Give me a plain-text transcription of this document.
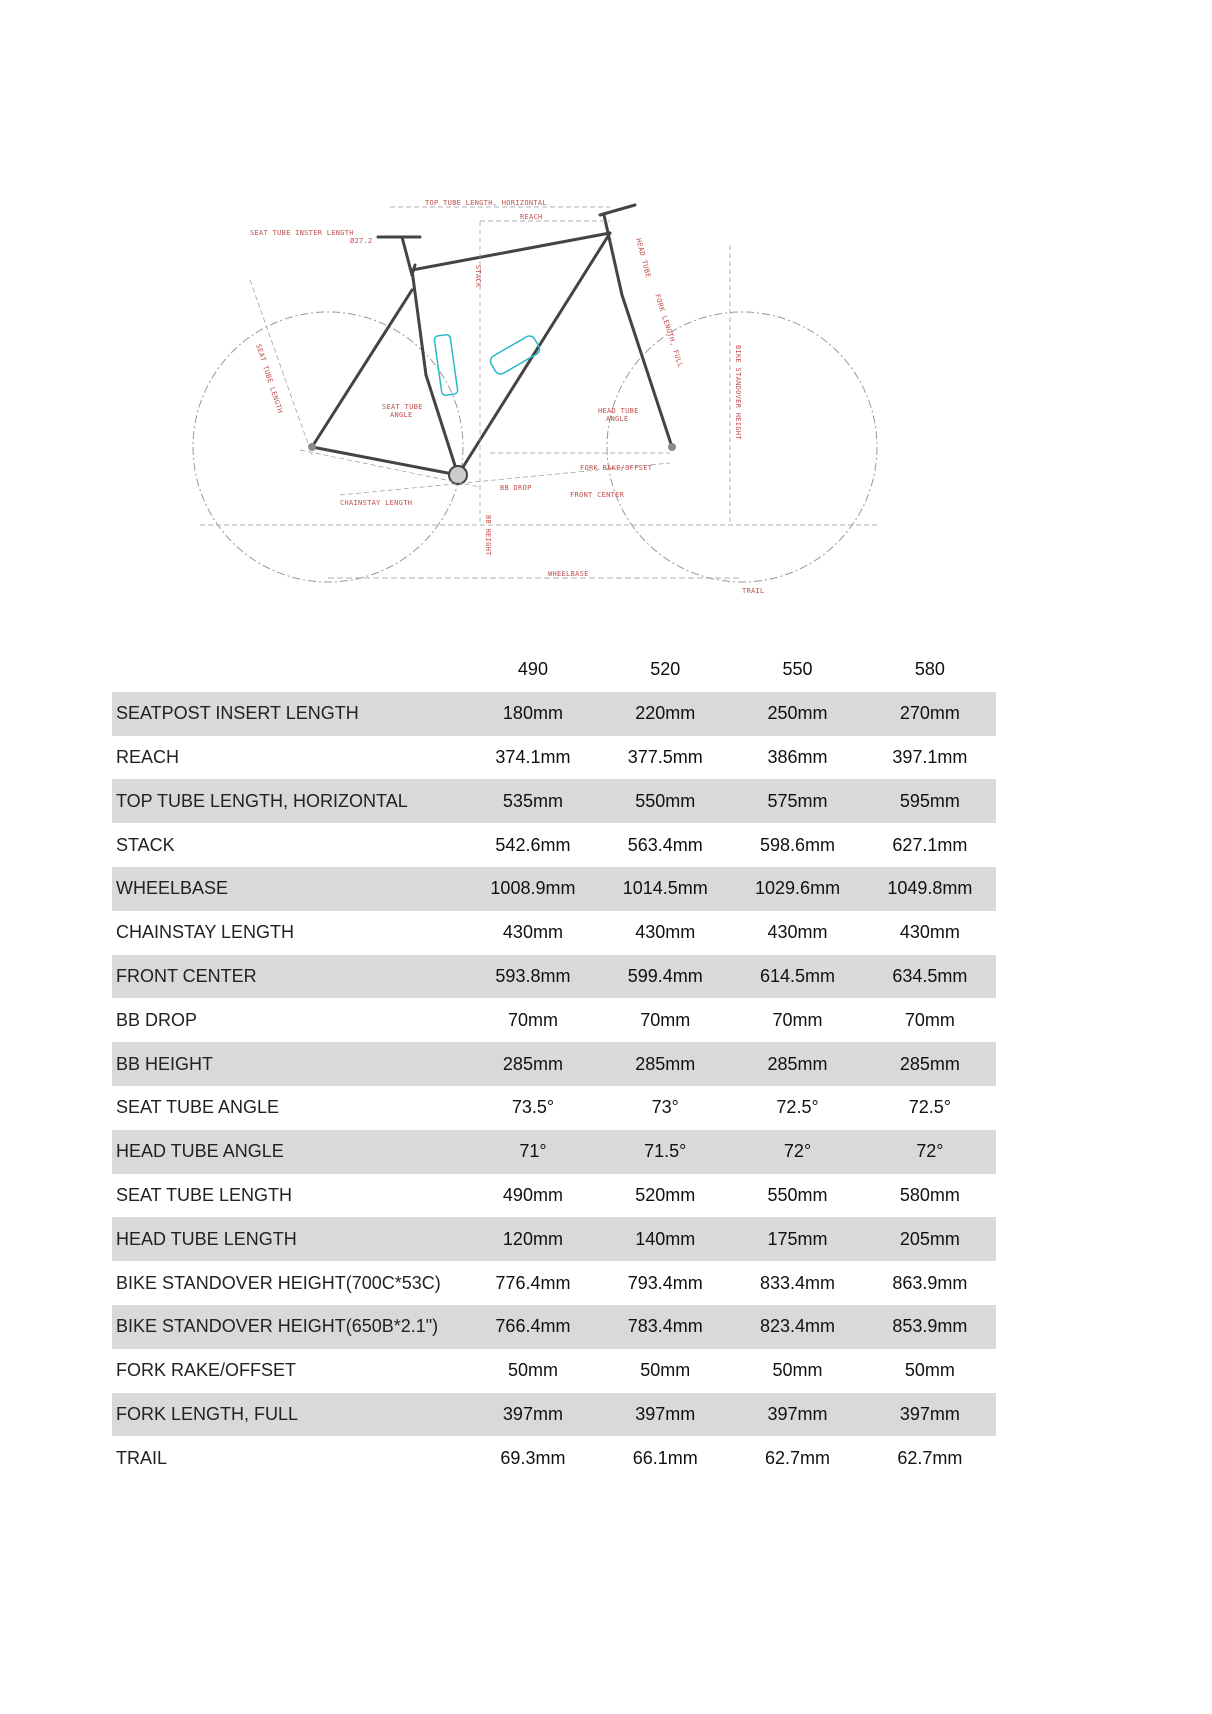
TOP TUBE LENGTH, HORIZONTAL
REACH
SEAT TUBE INSTER LENGTH
Ø27.2
STACK	HEAD TUBE
FORK LENGTH, FULL
BIKE STANDOVER HEIGHT
SEAT TUBE LENGTH	SEAT TUBE
ANGLE	HEAD TUBE
ANGLE
BB DROP
FORK RAKE/OFFSET
CHAINSTAY LENGTH
FRONT CENTER
BB HEIGHT
WHEELBASE
TRAIL
	490	520	550	580
SEATPOST INSERT LENGTH	180mm	220mm	250mm	270mm
REACH	374.1mm	377.5mm	386mm	397.1mm
TOP TUBE LENGTH, HORIZONTAL	535mm	550mm	575mm	595mm
STACK	542.6mm	563.4mm	598.6mm	627.1mm
WHEELBASE	1008.9mm	1014.5mm	1029.6mm	1049.8mm
CHAINSTAY LENGTH	430mm	430mm	430mm	430mm
FRONT CENTER	593.8mm	599.4mm	614.5mm	634.5mm
BB DROP	70mm	70mm	70mm	70mm
BB HEIGHT	285mm	285mm	285mm	285mm
SEAT TUBE ANGLE	73.5°	73°	72.5°	72.5°
HEAD TUBE ANGLE	71°	71.5°	72°	72°
SEAT TUBE LENGTH	490mm	520mm	550mm	580mm
HEAD TUBE LENGTH	120mm	140mm	175mm	205mm
BIKE STANDOVER HEIGHT(700C*53C)	776.4mm	793.4mm	833.4mm	863.9mm
BIKE STANDOVER HEIGHT(650B*2.1")	766.4mm	783.4mm	823.4mm	853.9mm
FORK RAKE/OFFSET	50mm	50mm	50mm	50mm
FORK LENGTH, FULL	397mm	397mm	397mm	397mm
TRAIL	69.3mm	66.1mm	62.7mm	62.7mm
